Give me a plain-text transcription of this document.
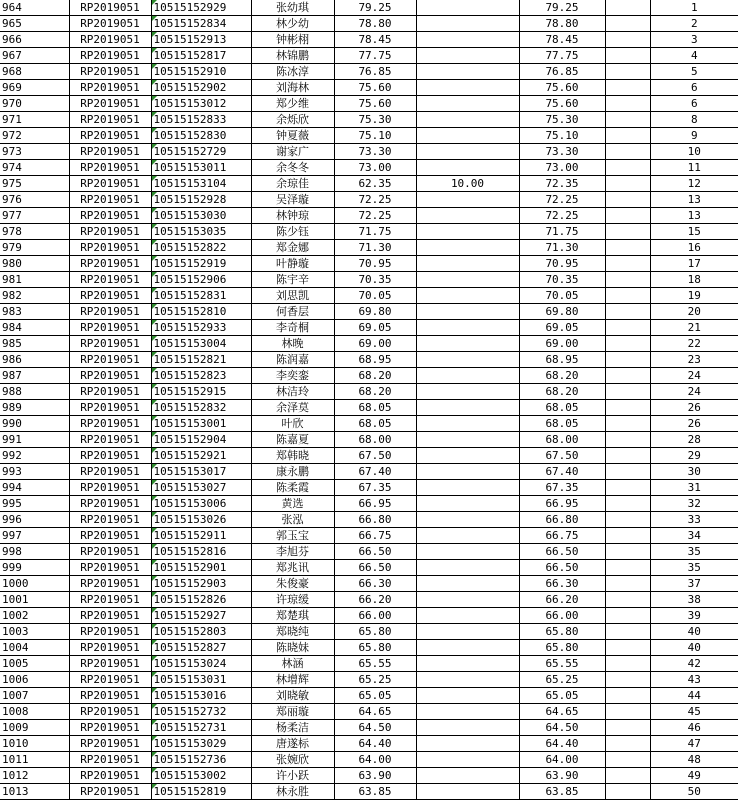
964	RP2019051	10515152929	张幼琪	79.25		79.25		1
965	RP2019051	10515152834	林少幼	78.80		78.80		2
966	RP2019051	10515152913	钟彬栩	78.45		78.45		3
967	RP2019051	10515152817	林锦鹏	77.75		77.75		4
968	RP2019051	10515152910	陈冰淳	76.85		76.85		5
969	RP2019051	10515152902	刘海林	75.60		75.60		6
970	RP2019051	10515153012	郑少维	75.60		75.60		6
971	RP2019051	10515152833	余烁欣	75.30		75.30		8
972	RP2019051	10515152830	钟夏薇	75.10		75.10		9
973	RP2019051	10515152729	谢家广	73.30		73.30		10
974	RP2019051	10515153011	余冬冬	73.00		73.00		11
975	RP2019051	10515153104	余琼佳	62.35	10.00	72.35		12
976	RP2019051	10515152928	吴泽璇	72.25		72.25		13
977	RP2019051	10515153030	林钟琼	72.25		72.25		13
978	RP2019051	10515153035	陈少钰	71.75		71.75		15
979	RP2019051	10515152822	郑金娜	71.30		71.30		16
980	RP2019051	10515152919	叶静璇	70.95		70.95		17
981	RP2019051	10515152906	陈宇辛	70.35		70.35		18
982	RP2019051	10515152831	刘思凯	70.05		70.05		19
983	RP2019051	10515152810	何香层	69.80		69.80		20
984	RP2019051	10515152933	李奇桐	69.05		69.05		21
985	RP2019051	10515153004	林晚	69.00		69.00		22
986	RP2019051	10515152821	陈润嘉	68.95		68.95		23
987	RP2019051	10515152823	李奕銮	68.20		68.20		24
988	RP2019051	10515152915	林洁玲	68.20		68.20		24
989	RP2019051	10515152832	余泽莫	68.05		68.05		26
990	RP2019051	10515153001	叶欣	68.05		68.05		26
991	RP2019051	10515152904	陈嘉夏	68.00		68.00		28
992	RP2019051	10515152921	郑韩晓	67.50		67.50		29
993	RP2019051	10515153017	康永鹏	67.40		67.40		30
994	RP2019051	10515153027	陈柔霞	67.35		67.35		31
995	RP2019051	10515153006	黄选	66.95		66.95		32
996	RP2019051	10515153026	张泓	66.80		66.80		33
997	RP2019051	10515152911	郭玉宝	66.75		66.75		34
998	RP2019051	10515152816	李旭芬	66.50		66.50		35
999	RP2019051	10515152901	郑兆讯	66.50		66.50		35
1000	RP2019051	10515152903	朱俊豪	66.30		66.30		37
1001	RP2019051	10515152826	许琼缓	66.20		66.20		38
1002	RP2019051	10515152927	郑楚琪	66.00		66.00		39
1003	RP2019051	10515152803	郑晓纯	65.80		65.80		40
1004	RP2019051	10515152827	陈晓妹	65.80		65.80		40
1005	RP2019051	10515153024	林涵	65.55		65.55		42
1006	RP2019051	10515153031	林增辉	65.25		65.25		43
1007	RP2019051	10515153016	刘晓敏	65.05		65.05		44
1008	RP2019051	10515152732	郑丽璇	64.65		64.65		45
1009	RP2019051	10515152731	杨柔洁	64.50		64.50		46
1010	RP2019051	10515153029	唐遂标	64.40		64.40		47
1011	RP2019051	10515152736	张婉欣	64.00		64.00		48
1012	RP2019051	10515153002	许小跃	63.90		63.90		49
1013	RP2019051	10515152819	林永胜	63.85		63.85		50
